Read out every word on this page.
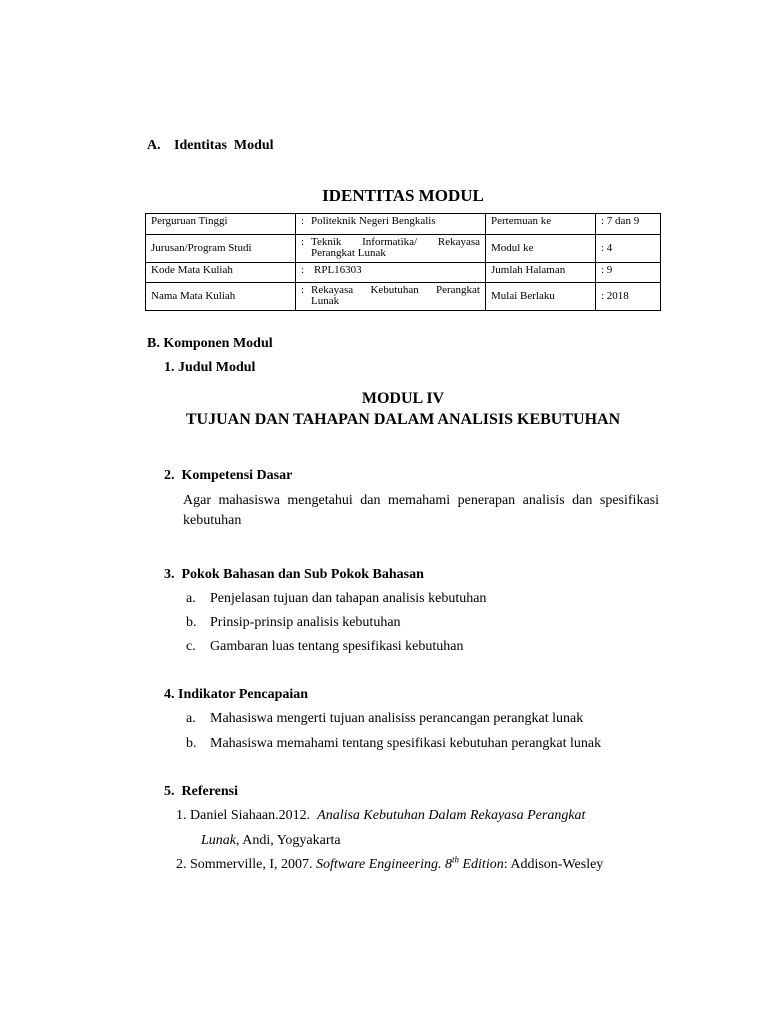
A. Identitas  Modul
IDENTITAS MODUL
Perguruan Tinggi	: Politeknik Negeri Bengkalis	Pertemuan ke	: 7 dan 9
Jurusan/Program Studi	: Teknik  Informatika/  Rekayasa Perangkat Lunak	Modul ke	: 4
Kode Mata Kuliah	: RPL16303	Jumlah Halaman	: 9
Nama Mata Kuliah	: Rekayasa Kebutuhan Perangkat Lunak	Mulai Berlaku	: 2018
B. Komponen Modul
1. Judul Modul
MODUL IV
TUJUAN DAN TAHAPAN DALAM ANALISIS KEBUTUHAN
2.  Kompetensi Dasar
Agar mahasiswa mengetahui dan memahami penerapan analisis dan spesifikasi kebutuhan
3.  Pokok Bahasan dan Sub Pokok Bahasan
a. Penjelasan tujuan dan tahapan analisis kebutuhan
b. Prinsip-prinsip analisis kebutuhan
c. Gambaran luas tentang spesifikasi kebutuhan
4. Indikator Pencapaian
a. Mahasiswa mengerti tujuan analisiss perancangan perangkat lunak
b. Mahasiswa memahami tentang spesifikasi kebutuhan perangkat lunak
5.  Referensi
1. Daniel Siahaan.2012.  Analisa Kebutuhan Dalam Rekayasa Perangkat
Lunak, Andi, Yogyakarta
2. Sommerville, I, 2007. Software Engineering. 8th Edition: Addison-Wesley
